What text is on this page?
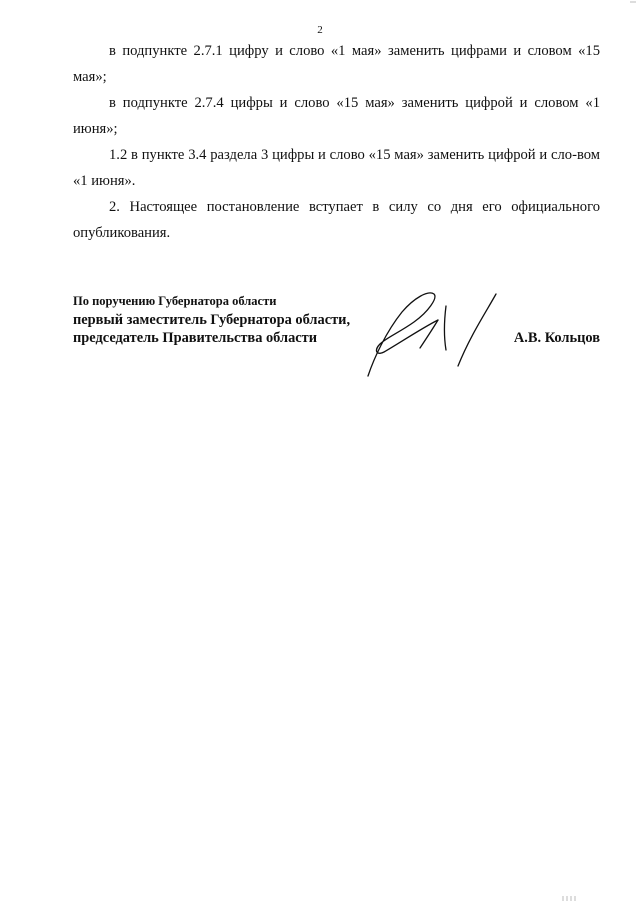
2

в подпункте 2.7.1 цифру и слово «1 мая» заменить цифрами и словом «15 мая»;

в подпункте 2.7.4 цифры и слово «15 мая» заменить цифрой и словом «1 июня»;

1.2 в пункте 3.4 раздела 3 цифры и слово «15 мая» заменить цифрой и сло-вом «1 июня».

2. Настоящее постановление вступает в силу со дня его официального опубликования.

По поручению Губернатора области
первый заместитель Губернатора области,
председатель Правительства области	А.В. Кольцов
